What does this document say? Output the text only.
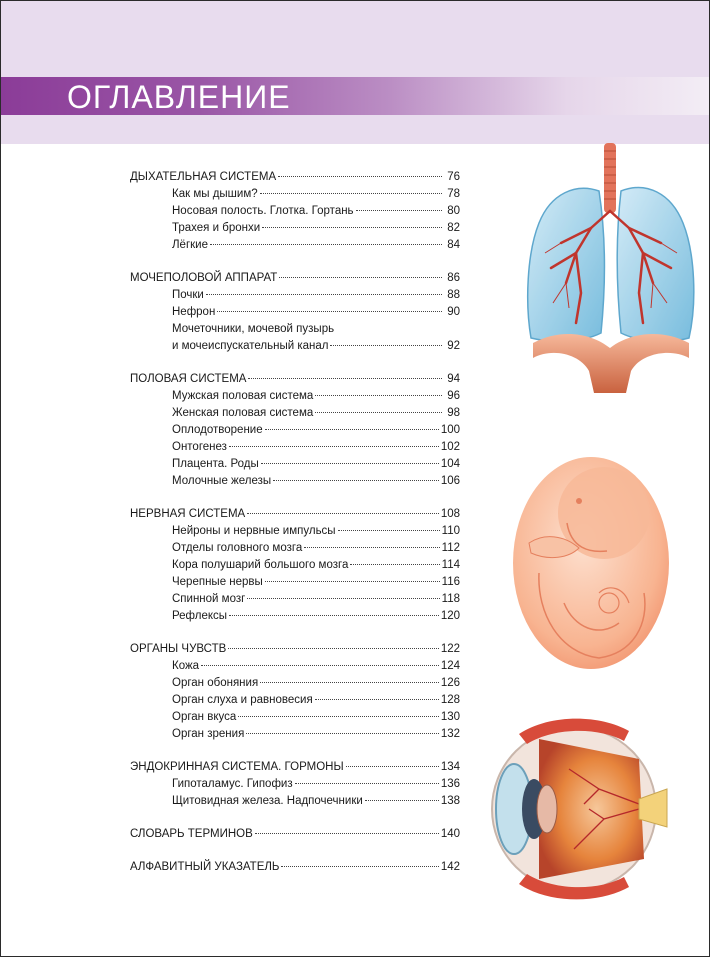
ОГЛАВЛЕНИЕ
ДЫХАТЕЛЬНАЯ СИСТЕМА	76
Как мы дышим?	78
Носовая полость. Глотка. Гортань	80
Трахея и бронхи	82
Лёгкие	84
МОЧЕПОЛОВОЙ АППАРАТ	86
Почки	88
Нефрон	90
Мочеточники, мочевой пузырь
и мочеиспускательный канал	92
ПОЛОВАЯ СИСТЕМА	94
Мужская половая система	96
Женская половая система	98
Оплодотворение	100
Онтогенез	102
Плацента. Роды	104
Молочные железы	106
НЕРВНАЯ СИСТЕМА	108
Нейроны и нервные импульсы	110
Отделы головного мозга	112
Кора полушарий большого мозга	114
Черепные нервы	116
Спинной мозг	118
Рефлексы	120
ОРГАНЫ ЧУВСТВ	122
Кожа	124
Орган обоняния	126
Орган слуха и равновесия	128
Орган вкуса	130
Орган зрения	132
ЭНДОКРИННАЯ СИСТЕМА. ГОРМОНЫ	134
Гипоталамус. Гипофиз	136
Щитовидная железа. Надпочечники	138
СЛОВАРЬ ТЕРМИНОВ	140
АЛФАВИТНЫЙ УКАЗАТЕЛЬ	142
